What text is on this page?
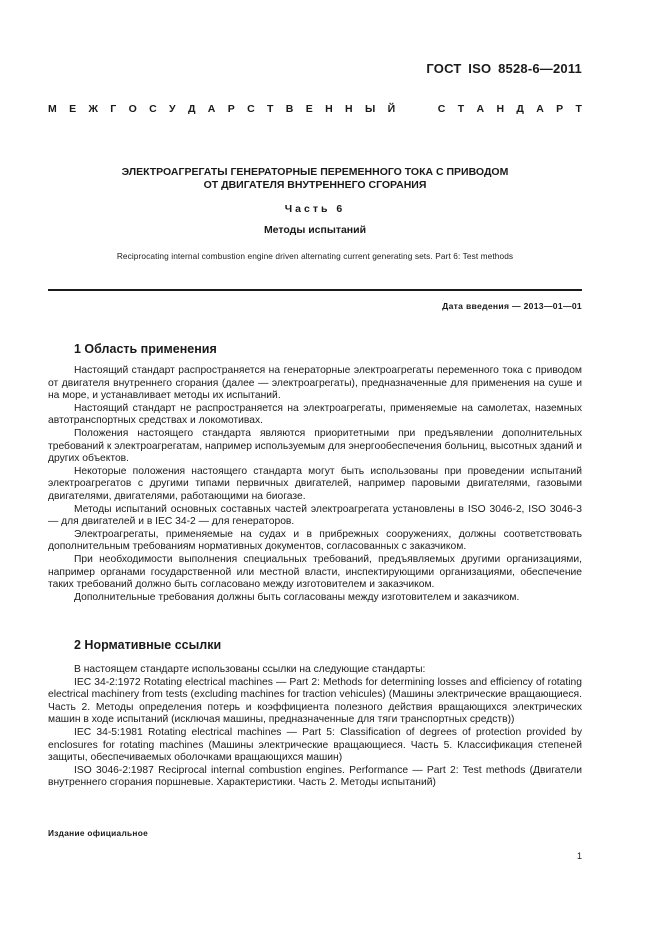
ГОСТ ISO 8528-6—2011
М Е Ж Г О С У Д А Р С Т В Е Н Н Ы Й	С Т А Н Д А Р Т
ЭЛЕКТРОАГРЕГАТЫ ГЕНЕРАТОРНЫЕ ПЕРЕМЕННОГО ТОКА С ПРИВОДОМ
ОТ ДВИГАТЕЛЯ ВНУТРЕННЕГО СГОРАНИЯ
Часть 6
Методы испытаний
Reciprocating internal combustion engine driven alternating current generating sets. Part 6: Test methods
Дата введения — 2013—01—01
1 Область применения

Настоящий стандарт распространяется на генераторные электроагрегаты переменного тока с приводом от двигателя внутреннего сгорания (далее — электроагрегаты), предназначенные для применения на суше и на море, и устанавливает методы их испытаний.

Настоящий стандарт не распространяется на электроагрегаты, применяемые на самолетах, наземных автотранспортных средствах и локомотивах.

Положения настоящего стандарта являются приоритетными при предъявлении дополнительных требований к электроагрегатам, например используемым для энергообеспечения больниц, высотных зданий и других объектов.

Некоторые положения настоящего стандарта могут быть использованы при проведении испытаний электроагрегатов с другими типами первичных двигателей, например паровыми двигателями, газовыми двигателями, двигателями, работающими на биогазе.

Методы испытаний основных составных частей электроагрегата установлены в ISO 3046-2, ISO 3046-3 — для двигателей и в IEC 34-2 — для генераторов.

Электроагрегаты, применяемые на судах и в прибрежных сооружениях, должны соответствовать дополнительным требованиям нормативных документов, согласованных с заказчиком.

При необходимости выполнения специальных требований, предъявляемых другими организациями, например органами государственной или местной власти, инспектирующими организациями, обеспечение таких требований должно быть согласовано между изготовителем и заказчиком.

Дополнительные требования должны быть согласованы между изготовителем и заказчиком.

2 Нормативные ссылки

В настоящем стандарте использованы ссылки на следующие стандарты:

IEC 34-2:1972 Rotating electrical machines — Part 2: Methods for determining losses and efficiency of rotating electrical machinery from tests (excluding machines for traction vehicules) (Машины электрические вращающиеся. Часть 2. Методы определения потерь и коэффициента полезного действия вращающихся электрических машин в ходе испытаний (исключая машины, предназначенные для тяги транспортных средств))

IEC 34-5:1981 Rotating electrical machines — Part 5: Classification of degrees of protection provided by enclosures for rotating machines (Машины электрические вращающиеся. Часть 5. Классификация степеней защиты, обеспечиваемых оболочками вращающихся машин)

ISO 3046-2:1987 Reciprocal internal combustion engines. Performance — Part 2: Test methods (Двигатели внутреннего сгорания поршневые. Характеристики. Часть 2. Методы испытаний)

Издание официальное
1
